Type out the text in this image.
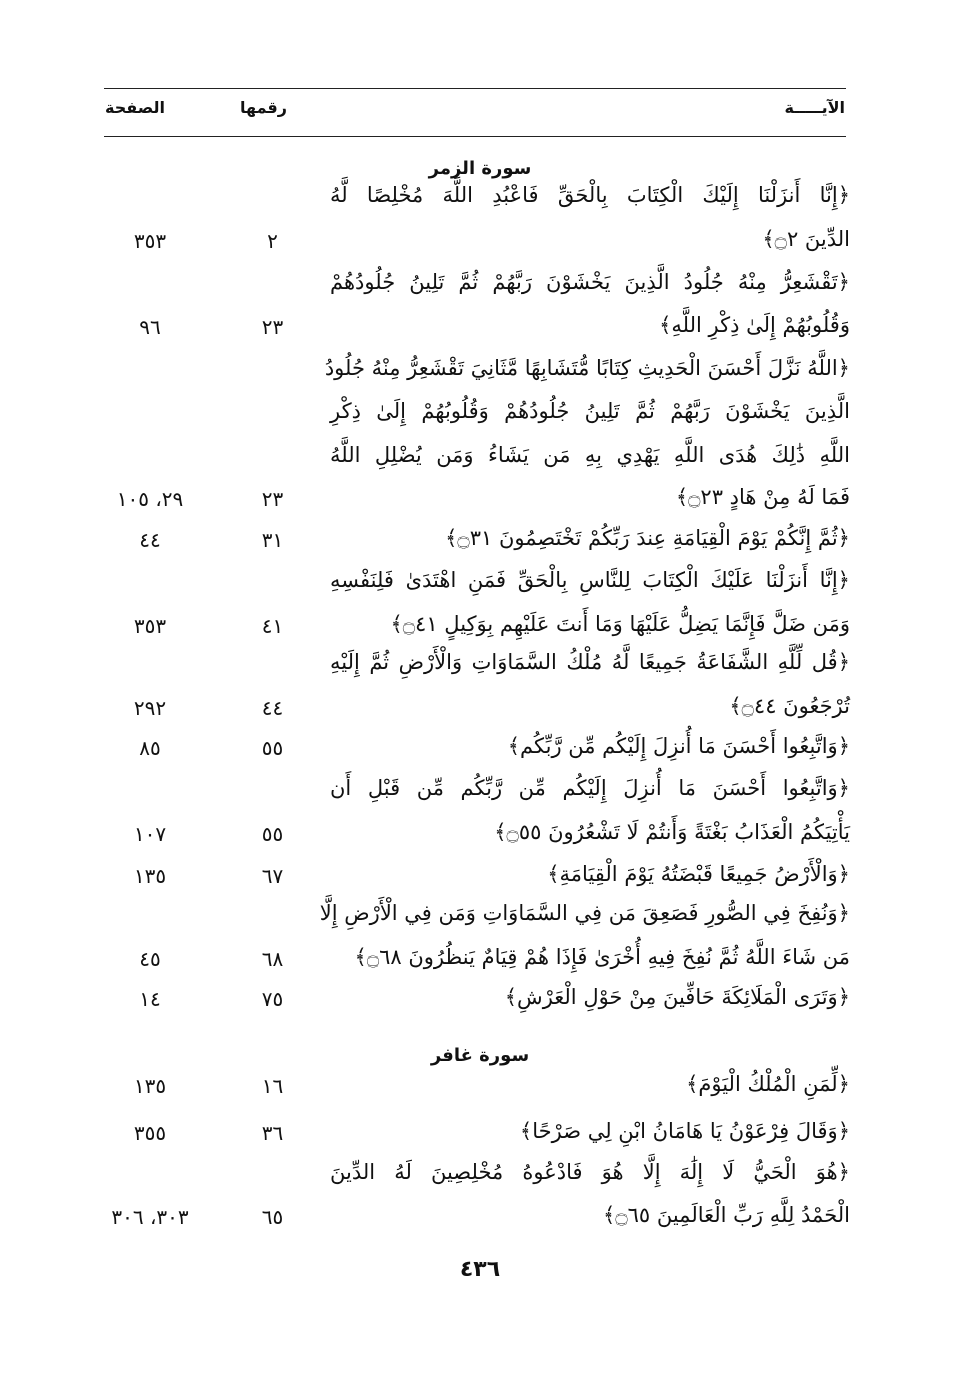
الصفحة	رقمها	الآيـــــة
سورة الزمر
﴿إِنَّا أَنزَلْنَا إِلَيْكَ الْكِتَابَ بِالْحَقِّ فَاعْبُدِ اللَّهَ مُخْلِصًا لَّهُ
الدِّينَ ۝٢﴾
٢
٣٥٣
﴿تَقْشَعِرُّ مِنْهُ جُلُودُ الَّذِينَ يَخْشَوْنَ رَبَّهُمْ ثُمَّ تَلِينُ جُلُودُهُمْ
وَقُلُوبُهُمْ إِلَىٰ ذِكْرِ اللَّهِ﴾
٢٣
٩٦
﴿اللَّهُ نَزَّلَ أَحْسَنَ الْحَدِيثِ كِتَابًا مُّتَشَابِهًا مَّثَانِيَ تَقْشَعِرُّ مِنْهُ جُلُودُ
الَّذِينَ يَخْشَوْنَ رَبَّهُمْ ثُمَّ تَلِينُ جُلُودُهُمْ وَقُلُوبُهُمْ إِلَىٰ ذِكْرِ
اللَّهِ ذَٰلِكَ هُدَى اللَّهِ يَهْدِي بِهِ مَن يَشَاءُ وَمَن يُضْلِلِ اللَّهُ
فَمَا لَهُ مِنْ هَادٍ ۝٢٣﴾
٢٣
٢٩، ١٠٥
﴿ثُمَّ إِنَّكُمْ يَوْمَ الْقِيَامَةِ عِندَ رَبِّكُمْ تَخْتَصِمُونَ ۝٣١﴾
٣١
٤٤
﴿إِنَّا أَنزَلْنَا عَلَيْكَ الْكِتَابَ لِلنَّاسِ بِالْحَقِّ فَمَنِ اهْتَدَىٰ فَلِنَفْسِهِ
وَمَن ضَلَّ فَإِنَّمَا يَضِلُّ عَلَيْهَا وَمَا أَنتَ عَلَيْهِم بِوَكِيلٍ ۝٤١﴾
٤١
٣٥٣
﴿قُل لِّلَّهِ الشَّفَاعَةُ جَمِيعًا لَّهُ مُلْكُ السَّمَاوَاتِ وَالْأَرْضِ ثُمَّ إِلَيْهِ
تُرْجَعُونَ ۝٤٤﴾
٤٤
٢٩٢
﴿وَاتَّبِعُوا أَحْسَنَ مَا أُنزِلَ إِلَيْكُم مِّن رَّبِّكُم﴾
٥٥
٨٥
﴿وَاتَّبِعُوا أَحْسَنَ مَا أُنزِلَ إِلَيْكُم مِّن رَّبِّكُم مِّن قَبْلِ أَن
يَأْتِيَكُمُ الْعَذَابُ بَغْتَةً وَأَنتُمْ لَا تَشْعُرُونَ ۝٥٥﴾
٥٥
١٠٧
﴿وَالْأَرْضُ جَمِيعًا قَبْضَتُهُ يَوْمَ الْقِيَامَةِ﴾
٦٧
١٣٥
﴿وَنُفِخَ فِي الصُّورِ فَصَعِقَ مَن فِي السَّمَاوَاتِ وَمَن فِي الْأَرْضِ إِلَّا
مَن شَاءَ اللَّهُ ثُمَّ نُفِخَ فِيهِ أُخْرَىٰ فَإِذَا هُمْ قِيَامٌ يَنظُرُونَ ۝٦٨﴾
٦٨
٤٥
﴿وَتَرَى الْمَلَائِكَةَ حَافِّينَ مِنْ حَوْلِ الْعَرْشِ﴾
٧٥
١٤
سورة غافر
﴿لِّمَنِ الْمُلْكُ الْيَوْمَ﴾
١٦
١٣٥
﴿وَقَالَ فِرْعَوْنُ يَا هَامَانُ ابْنِ لِي صَرْحًا﴾
٣٦
٣٥٥
﴿هُوَ الْحَيُّ لَا إِلَٰهَ إِلَّا هُوَ فَادْعُوهُ مُخْلِصِينَ لَهُ الدِّينَ
الْحَمْدُ لِلَّهِ رَبِّ الْعَالَمِينَ ۝٦٥﴾
٦٥
٣٠٣، ٣٠٦
٤٣٦
